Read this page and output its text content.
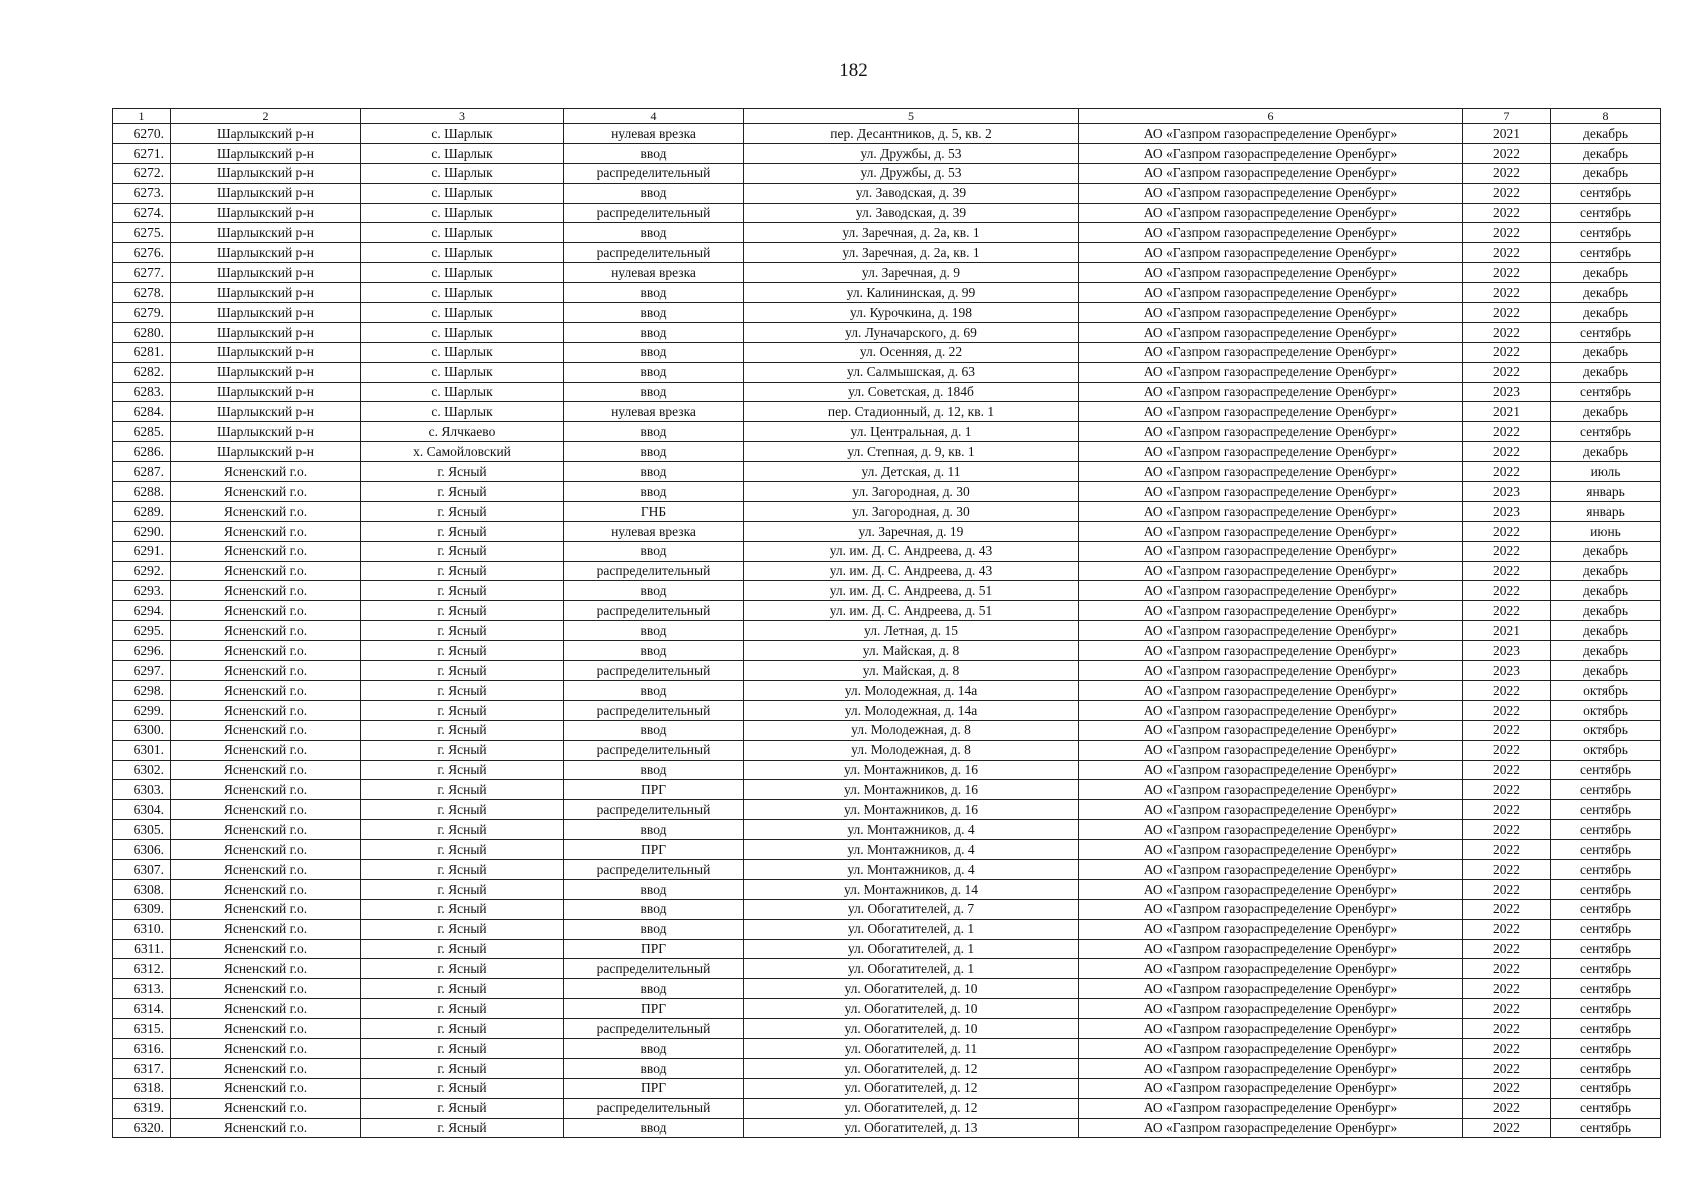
182
1	2	3	4	5	6	7	8
6270.	Шарлыкский р-н	с. Шарлык	нулевая врезка	пер. Десантников, д. 5, кв. 2	АО «Газпром газораспределение Оренбург»	2021	декабрь
6271.	Шарлыкский р-н	с. Шарлык	ввод	ул. Дружбы, д. 53	АО «Газпром газораспределение Оренбург»	2022	декабрь
6272.	Шарлыкский р-н	с. Шарлык	распределительный	ул. Дружбы, д. 53	АО «Газпром газораспределение Оренбург»	2022	декабрь
6273.	Шарлыкский р-н	с. Шарлык	ввод	ул. Заводская, д. 39	АО «Газпром газораспределение Оренбург»	2022	сентябрь
6274.	Шарлыкский р-н	с. Шарлык	распределительный	ул. Заводская, д. 39	АО «Газпром газораспределение Оренбург»	2022	сентябрь
6275.	Шарлыкский р-н	с. Шарлык	ввод	ул. Заречная, д. 2а, кв. 1	АО «Газпром газораспределение Оренбург»	2022	сентябрь
6276.	Шарлыкский р-н	с. Шарлык	распределительный	ул. Заречная, д. 2а, кв. 1	АО «Газпром газораспределение Оренбург»	2022	сентябрь
6277.	Шарлыкский р-н	с. Шарлык	нулевая врезка	ул. Заречная, д. 9	АО «Газпром газораспределение Оренбург»	2022	декабрь
6278.	Шарлыкский р-н	с. Шарлык	ввод	ул. Калининская, д. 99	АО «Газпром газораспределение Оренбург»	2022	декабрь
6279.	Шарлыкский р-н	с. Шарлык	ввод	ул. Курочкина, д. 198	АО «Газпром газораспределение Оренбург»	2022	декабрь
6280.	Шарлыкский р-н	с. Шарлык	ввод	ул. Луначарского, д. 69	АО «Газпром газораспределение Оренбург»	2022	сентябрь
6281.	Шарлыкский р-н	с. Шарлык	ввод	ул. Осенняя, д. 22	АО «Газпром газораспределение Оренбург»	2022	декабрь
6282.	Шарлыкский р-н	с. Шарлык	ввод	ул. Салмышская, д. 63	АО «Газпром газораспределение Оренбург»	2022	декабрь
6283.	Шарлыкский р-н	с. Шарлык	ввод	ул. Советская, д. 184б	АО «Газпром газораспределение Оренбург»	2023	сентябрь
6284.	Шарлыкский р-н	с. Шарлык	нулевая врезка	пер. Стадионный, д. 12, кв. 1	АО «Газпром газораспределение Оренбург»	2021	декабрь
6285.	Шарлыкский р-н	с. Ялчкаево	ввод	ул. Центральная, д. 1	АО «Газпром газораспределение Оренбург»	2022	сентябрь
6286.	Шарлыкский р-н	х. Самойловский	ввод	ул. Степная, д. 9, кв. 1	АО «Газпром газораспределение Оренбург»	2022	декабрь
6287.	Ясненский г.о.	г. Ясный	ввод	ул. Детская, д. 11	АО «Газпром газораспределение Оренбург»	2022	июль
6288.	Ясненский г.о.	г. Ясный	ввод	ул. Загородная, д. 30	АО «Газпром газораспределение Оренбург»	2023	январь
6289.	Ясненский г.о.	г. Ясный	ГНБ	ул. Загородная, д. 30	АО «Газпром газораспределение Оренбург»	2023	январь
6290.	Ясненский г.о.	г. Ясный	нулевая врезка	ул. Заречная, д. 19	АО «Газпром газораспределение Оренбург»	2022	июнь
6291.	Ясненский г.о.	г. Ясный	ввод	ул. им. Д. С. Андреева, д. 43	АО «Газпром газораспределение Оренбург»	2022	декабрь
6292.	Ясненский г.о.	г. Ясный	распределительный	ул. им. Д. С. Андреева, д. 43	АО «Газпром газораспределение Оренбург»	2022	декабрь
6293.	Ясненский г.о.	г. Ясный	ввод	ул. им. Д. С. Андреева, д. 51	АО «Газпром газораспределение Оренбург»	2022	декабрь
6294.	Ясненский г.о.	г. Ясный	распределительный	ул. им. Д. С. Андреева, д. 51	АО «Газпром газораспределение Оренбург»	2022	декабрь
6295.	Ясненский г.о.	г. Ясный	ввод	ул. Летная, д. 15	АО «Газпром газораспределение Оренбург»	2021	декабрь
6296.	Ясненский г.о.	г. Ясный	ввод	ул. Майская, д. 8	АО «Газпром газораспределение Оренбург»	2023	декабрь
6297.	Ясненский г.о.	г. Ясный	распределительный	ул. Майская, д. 8	АО «Газпром газораспределение Оренбург»	2023	декабрь
6298.	Ясненский г.о.	г. Ясный	ввод	ул. Молодежная, д. 14а	АО «Газпром газораспределение Оренбург»	2022	октябрь
6299.	Ясненский г.о.	г. Ясный	распределительный	ул. Молодежная, д. 14а	АО «Газпром газораспределение Оренбург»	2022	октябрь
6300.	Ясненский г.о.	г. Ясный	ввод	ул. Молодежная, д. 8	АО «Газпром газораспределение Оренбург»	2022	октябрь
6301.	Ясненский г.о.	г. Ясный	распределительный	ул. Молодежная, д. 8	АО «Газпром газораспределение Оренбург»	2022	октябрь
6302.	Ясненский г.о.	г. Ясный	ввод	ул. Монтажников, д. 16	АО «Газпром газораспределение Оренбург»	2022	сентябрь
6303.	Ясненский г.о.	г. Ясный	ПРГ	ул. Монтажников, д. 16	АО «Газпром газораспределение Оренбург»	2022	сентябрь
6304.	Ясненский г.о.	г. Ясный	распределительный	ул. Монтажников, д. 16	АО «Газпром газораспределение Оренбург»	2022	сентябрь
6305.	Ясненский г.о.	г. Ясный	ввод	ул. Монтажников, д. 4	АО «Газпром газораспределение Оренбург»	2022	сентябрь
6306.	Ясненский г.о.	г. Ясный	ПРГ	ул. Монтажников, д. 4	АО «Газпром газораспределение Оренбург»	2022	сентябрь
6307.	Ясненский г.о.	г. Ясный	распределительный	ул. Монтажников, д. 4	АО «Газпром газораспределение Оренбург»	2022	сентябрь
6308.	Ясненский г.о.	г. Ясный	ввод	ул. Монтажников, д. 14	АО «Газпром газораспределение Оренбург»	2022	сентябрь
6309.	Ясненский г.о.	г. Ясный	ввод	ул. Обогатителей, д. 7	АО «Газпром газораспределение Оренбург»	2022	сентябрь
6310.	Ясненский г.о.	г. Ясный	ввод	ул. Обогатителей, д. 1	АО «Газпром газораспределение Оренбург»	2022	сентябрь
6311.	Ясненский г.о.	г. Ясный	ПРГ	ул. Обогатителей, д. 1	АО «Газпром газораспределение Оренбург»	2022	сентябрь
6312.	Ясненский г.о.	г. Ясный	распределительный	ул. Обогатителей, д. 1	АО «Газпром газораспределение Оренбург»	2022	сентябрь
6313.	Ясненский г.о.	г. Ясный	ввод	ул. Обогатителей, д. 10	АО «Газпром газораспределение Оренбург»	2022	сентябрь
6314.	Ясненский г.о.	г. Ясный	ПРГ	ул. Обогатителей, д. 10	АО «Газпром газораспределение Оренбург»	2022	сентябрь
6315.	Ясненский г.о.	г. Ясный	распределительный	ул. Обогатителей, д. 10	АО «Газпром газораспределение Оренбург»	2022	сентябрь
6316.	Ясненский г.о.	г. Ясный	ввод	ул. Обогатителей, д. 11	АО «Газпром газораспределение Оренбург»	2022	сентябрь
6317.	Ясненский г.о.	г. Ясный	ввод	ул. Обогатителей, д. 12	АО «Газпром газораспределение Оренбург»	2022	сентябрь
6318.	Ясненский г.о.	г. Ясный	ПРГ	ул. Обогатителей, д. 12	АО «Газпром газораспределение Оренбург»	2022	сентябрь
6319.	Ясненский г.о.	г. Ясный	распределительный	ул. Обогатителей, д. 12	АО «Газпром газораспределение Оренбург»	2022	сентябрь
6320.	Ясненский г.о.	г. Ясный	ввод	ул. Обогатителей, д. 13	АО «Газпром газораспределение Оренбург»	2022	сентябрь
